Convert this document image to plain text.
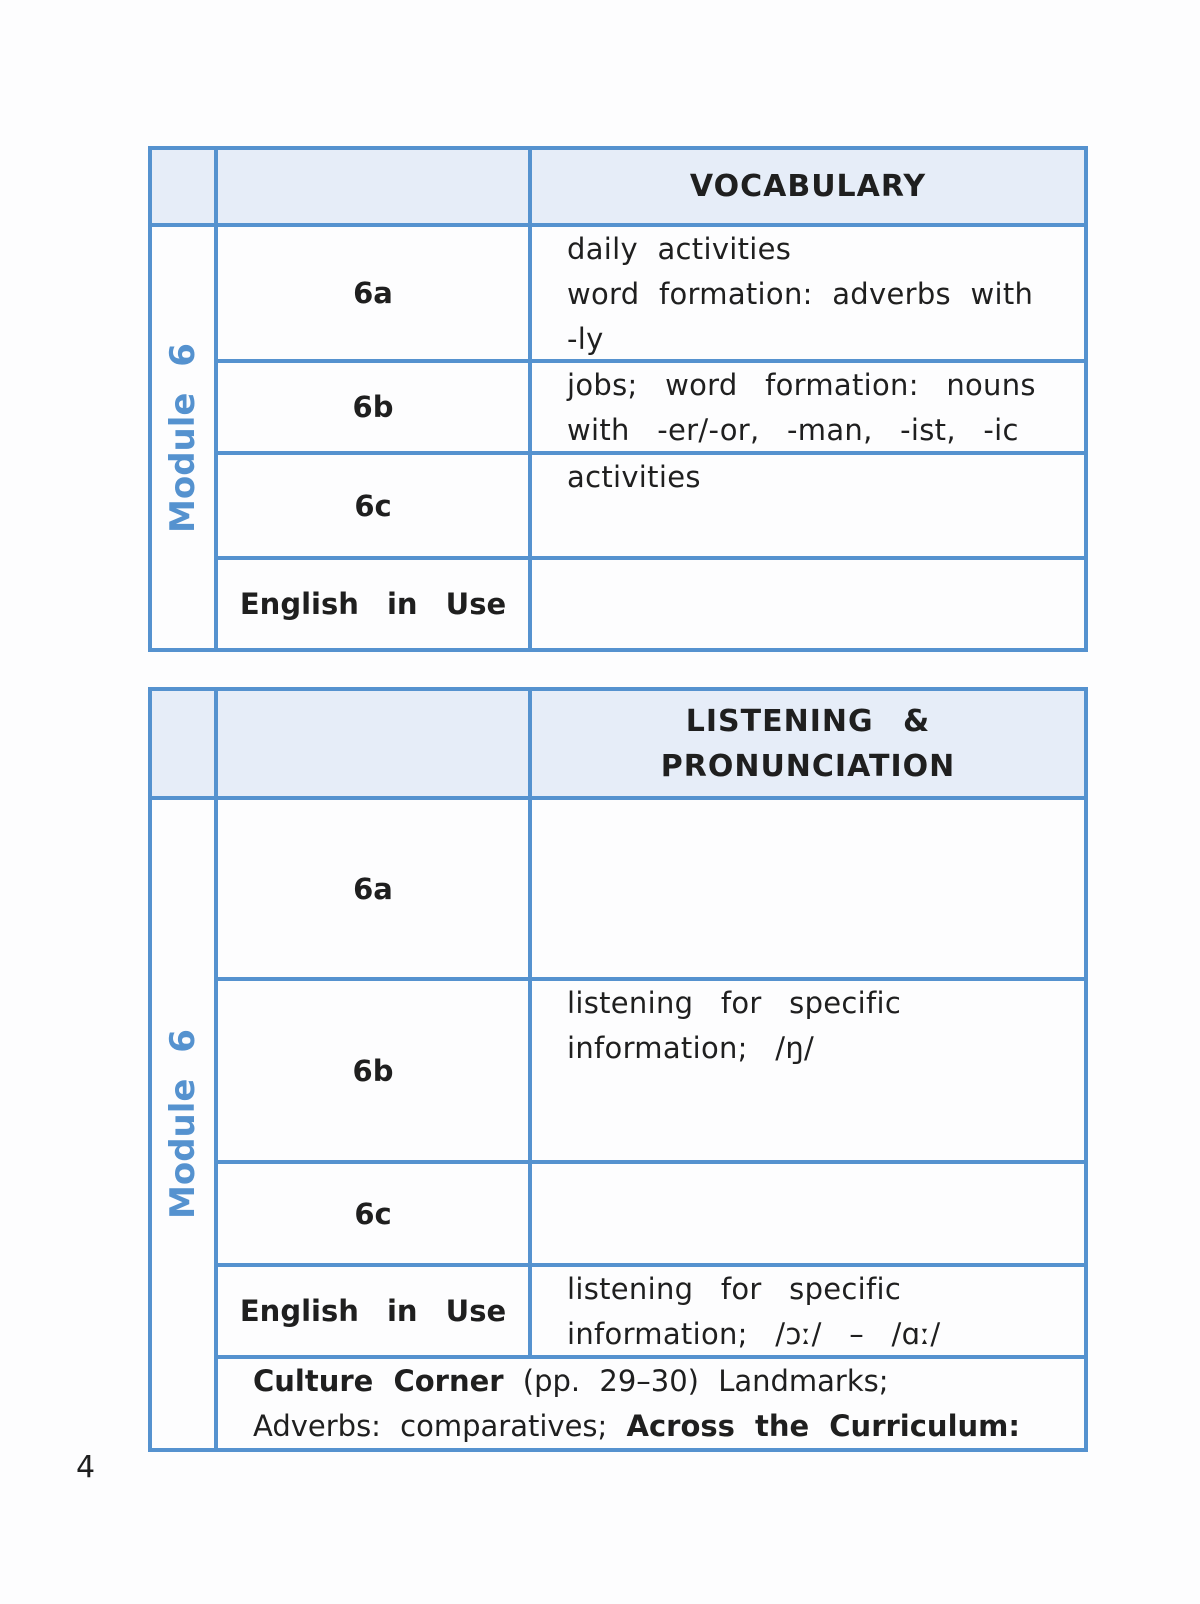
VOCABULARY
Module 6
6a
daily activities
word formation: adverbs with -ly
6b
jobs; word formation: nouns with -er/-or, -man, -ist, -ic
6c
activities
English in Use
LISTENING & PRONUNCIATION
Module 6
6a
6b
listening for specific information; /ŋ/
6c
English in Use
listening for specific information; /ɔː/ – /ɑː/
Culture Corner (pp. 29–30) Landmarks;
Adverbs: comparatives; Across the Curriculum:
4
